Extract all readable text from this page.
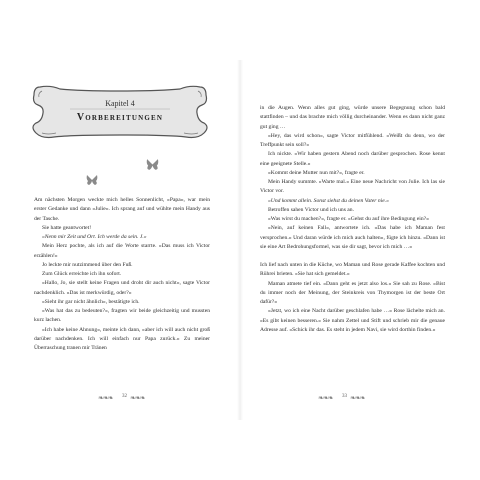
Kapitel 4
Vorbereitungen

Am nächsten Morgen weckte mich helles Sonnenlicht, »Papa«, war mein erster Gedanke und dann »Julie«. Ich sprang auf und wühlte mein Handy aus der Tasche.

Sie hatte geantwortet!

»Nenn mir Zeit und Ort. Ich werde da sein. J.«

Mein Herz pochte, als ich auf die Worte starrte. »Das muss ich Victor erzählen!«

Jo leckte mir nutzimmend über den Fuß.

Zum Glück erreichte ich ihn sofort.

»Hallo, Jo, sie stellt keine Fragen und droht dir auch nicht«, sagte Victor nachdenklich. »Das ist merkwürdig, oder?«

»Sieht ihr gar nicht ähnlich«, bestätigte ich.

»Was hat das zu bedeuten?«, fragten wir beide gleichzeitig und mussten kurz lachen.

»Ich habe keine Ahnung«, meinte ich dann, »aber ich will auch nicht groß darüber nachdenken. Ich will einfach nur Papa zurück.« Zu meiner Überraschung tranen mir Tränen

❧❧❧ 32 ❧❧❧

in die Augen. Wenn alles gut ging, würde unsere Begegnung schon bald stattfinden – und das brachte mich völlig durcheinander. Wenn es dann nicht ganz gut ging …

»Hey, das wird schon«, sagte Victor mitfühlend. »Weißt du denn, wo der Treffpunkt sein soll?«

Ich nickte. »Wir haben gestern Abend noch darüber gesprochen. Rose kennt eine geeignete Stelle.«

»Kommt deine Mutter nun mit?«, fragte er.

Mein Handy summte. »Warte mal.« Eine neue Nachricht von Julie. Ich las sie Victor vor.

»Und kommt allein. Sonst siehst du deinen Vater nie.«

Betroffen sahen Victor und ich uns an.

»Was wirst du machen?«, fragte er. »Gehst du auf ihre Bedingung ein?«

»Nein, auf keinen Fall«, antwortete ich. »Das habe ich Maman fest versprochen.« Und daran würde ich mich auch halten«, fügte ich hinzu. »Dann ist sie eine Art Bedrohungsformel, was sie dir sagt, bevor ich mich …«

Ich lief nach unten in die Küche, wo Maman und Rose gerade Kaffee kochten und Rührei brieten. »Sie hat sich gemeldet.«

Maman atmete tief ein. »Dann geht es jetzt also los.« Sie sah zu Rose. »Bist du immer noch der Meinung, der Steinkreis von Thymorgen ist der beste Ort dafür?«

»Jetzt, wo ich eine Nacht darüber geschlafen habe …« Rose lächelte mich an. »Es gibt keinen besseren.« Sie nahm Zettel und Stift und schrieb mir die genaue Adresse auf. »Schick ihr das. Es steht in jedem Navi, sie wird dorthin finden.«

❧❧❧ 33 ❧❧❧
